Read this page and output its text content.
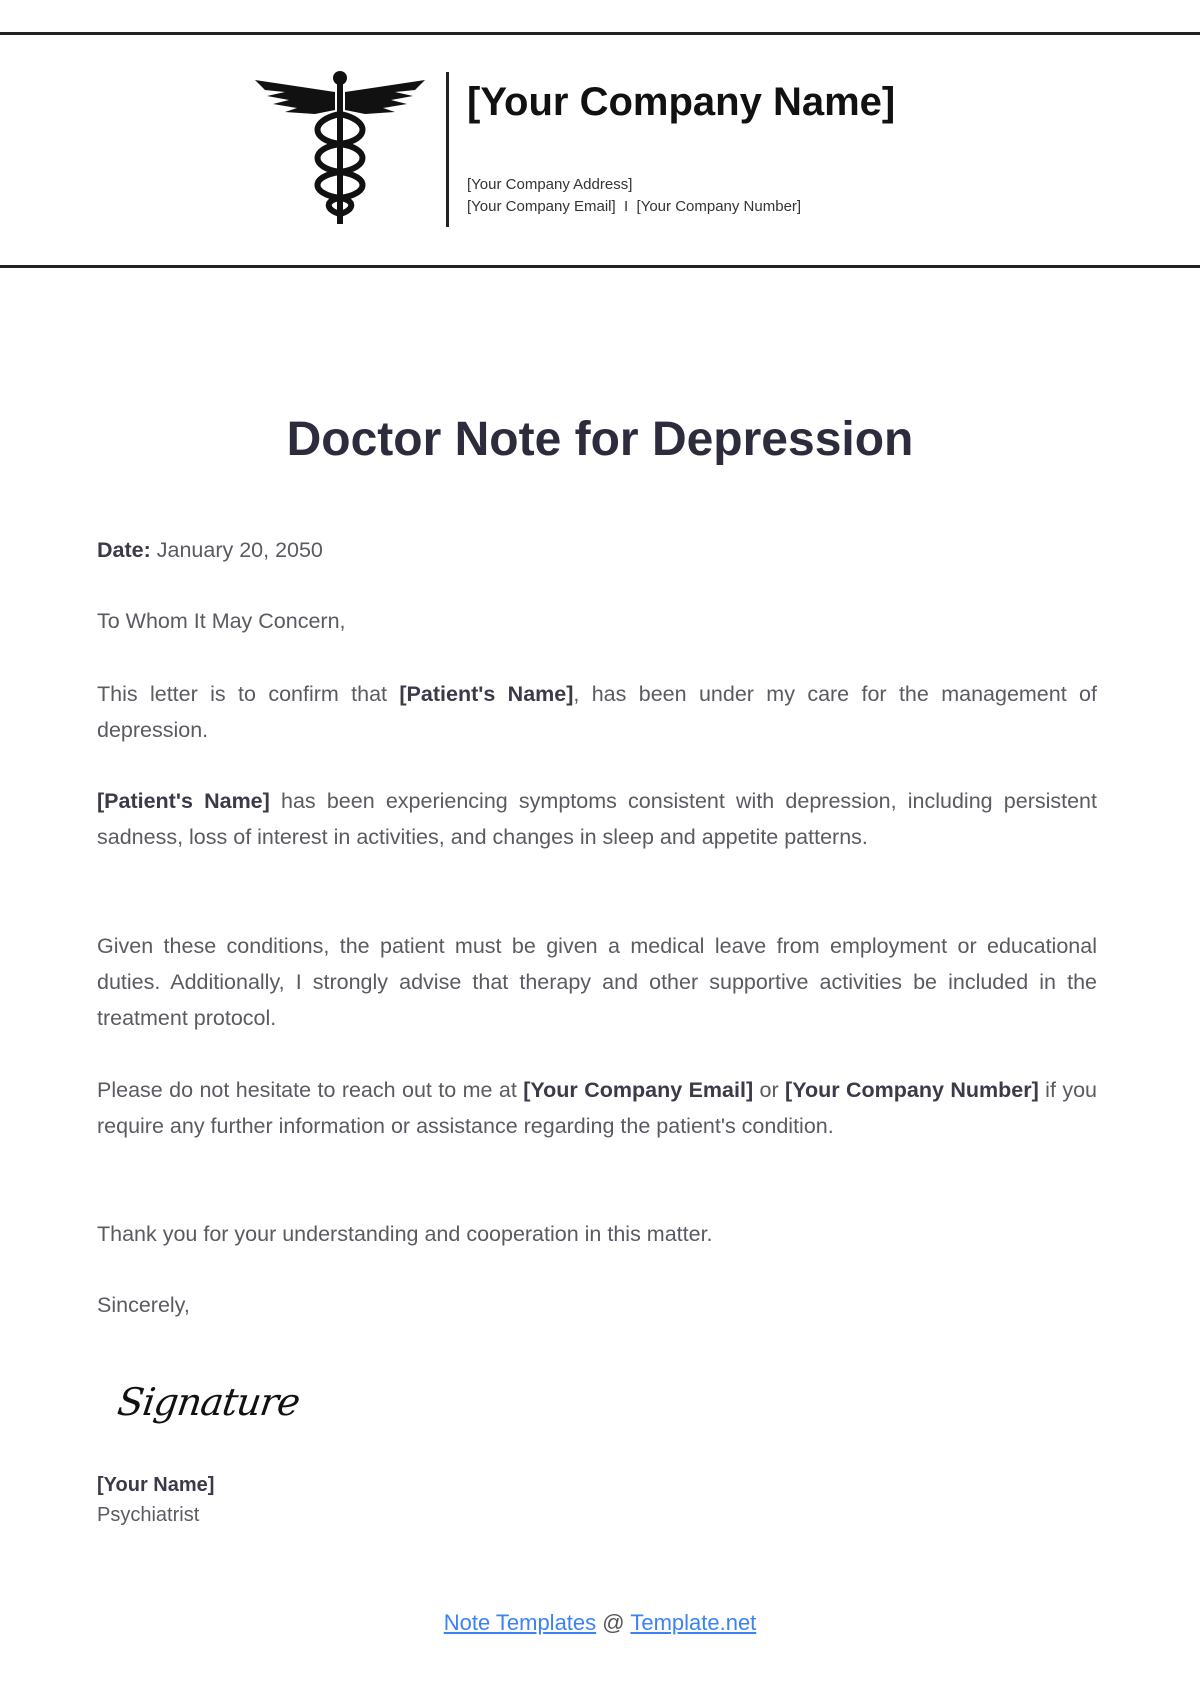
[Your Company Name]
[Your Company Address]
[Your Company Email] I [Your Company Number]
Doctor Note for Depression
Date: January 20, 2050
To Whom It May Concern,
This letter is to confirm that [Patient's Name], has been under my care for the management of depression.
[Patient's Name] has been experiencing symptoms consistent with depression, including persistent sadness, loss of interest in activities, and changes in sleep and appetite patterns.
Given these conditions, the patient must be given a medical leave from employment or educational duties. Additionally, I strongly advise that therapy and other supportive activities be included in the treatment protocol.
Please do not hesitate to reach out to me at [Your Company Email] or [Your Company Number] if you require any further information or assistance regarding the patient's condition.
Thank you for your understanding and cooperation in this matter.
Sincerely,
Signature
[Your Name]
Psychiatrist
Note Templates @ Template.net
